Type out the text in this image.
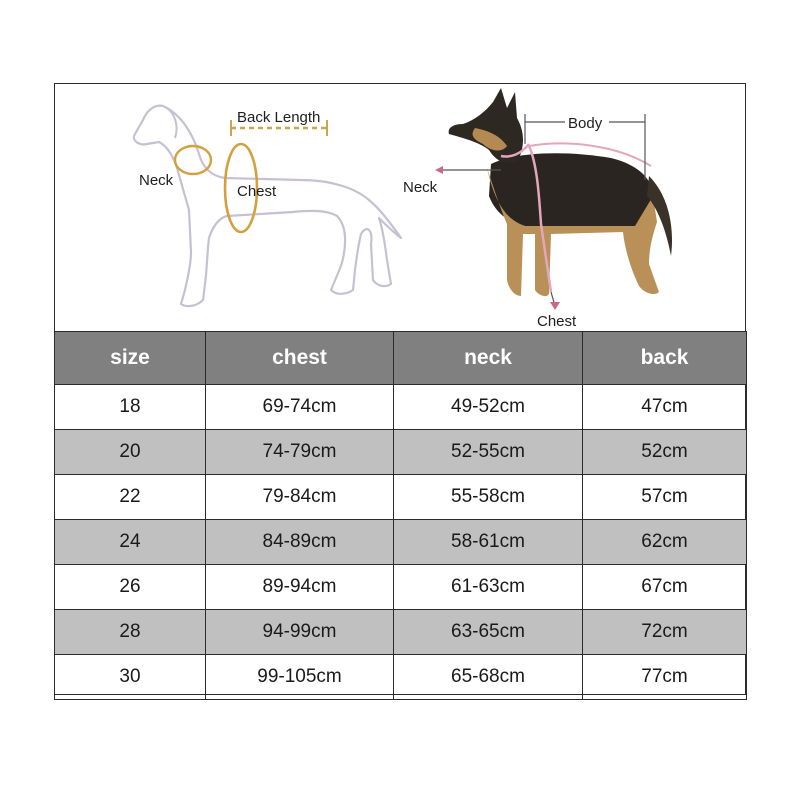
Back Length
Neck
Chest
Body
Neck
Chest
size	chest	neck	back
18	69-74cm	49-52cm	47cm
20	74-79cm	52-55cm	52cm
22	79-84cm	55-58cm	57cm
24	84-89cm	58-61cm	62cm
26	89-94cm	61-63cm	67cm
28	94-99cm	63-65cm	72cm
30	99-105cm	65-68cm	77cm
